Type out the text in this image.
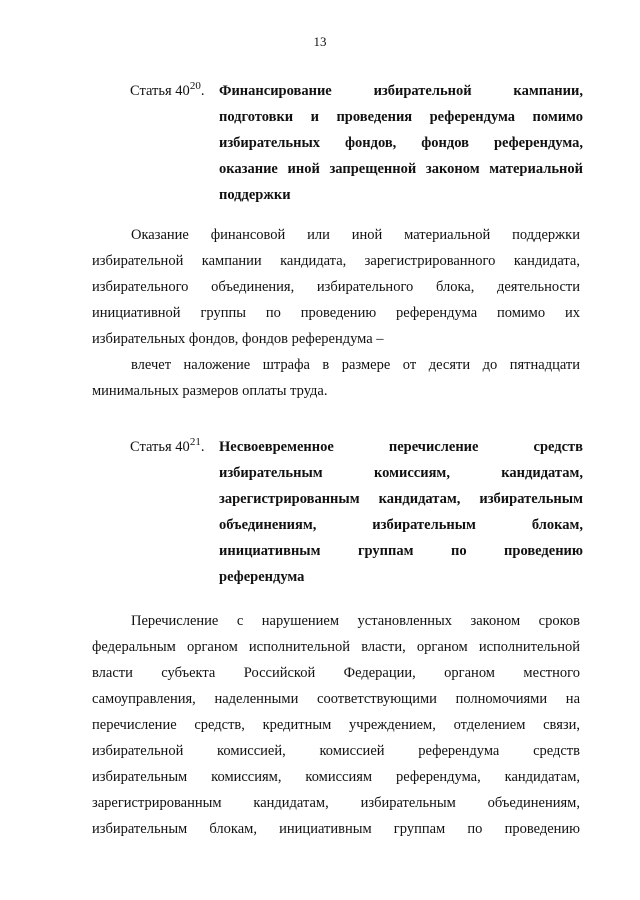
13
Статья $40^{20}$. Финансирование избирательной кампании,
подготовки и проведения референдума помимо
избирательных фондов, фондов референдума,
оказание иной запрещенной законом материальной
поддержки

Оказание финансовой или иной материальной поддержки
избирательной кампании кандидата, зарегистрированного кандидата,
избирательного объединения, избирательного блока, деятельности
инициативной группы по проведению референдума помимо их
избирательных фондов, фондов референдума –

влечет наложение штрафа в размере от десяти до пятнадцати
минимальных размеров оплаты труда.

Статья $40^{21}$. Несвоевременное перечисление средств
избирательным комиссиям, кандидатам,
зарегистрированным кандидатам, избирательным
объединениям, избирательным блокам,
инициативным группам по проведению
референдума

Перечисление с нарушением установленных законом сроков
федеральным органом исполнительной власти, органом исполнительной
власти субъекта Российской Федерации, органом местного
самоуправления, наделенными соответствующими полномочиями на
перечисление средств, кредитным учреждением, отделением связи,
избирательной комиссией, комиссией референдума средств
избирательным комиссиям, комиссиям референдума, кандидатам,
зарегистрированным кандидатам, избирательным объединениям,
избирательным блокам, инициативным группам по проведению
